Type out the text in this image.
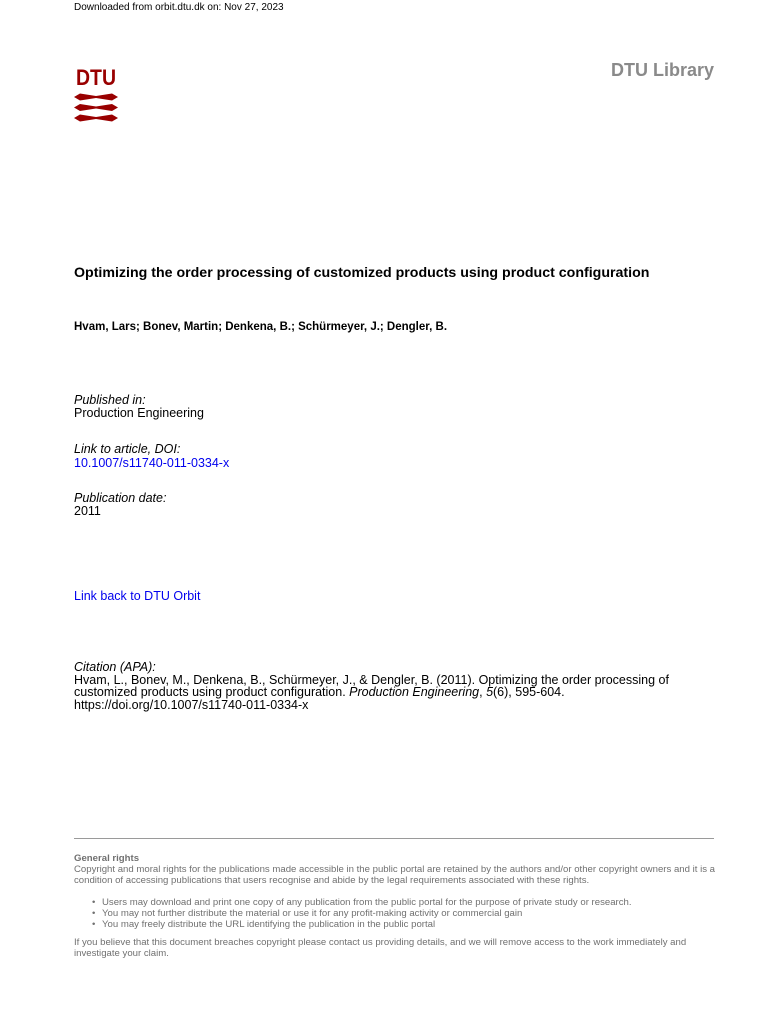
Downloaded from orbit.dtu.dk on: Nov 27, 2023
DTU	DTU Library
Optimizing the order processing of customized products using product configuration
Hvam, Lars; Bonev, Martin; Denkena, B.; Schürmeyer, J.; Dengler, B.
Published in:
Production Engineering
Link to article, DOI:
10.1007/s11740-011-0334-x
Publication date:
2011
Link back to DTU Orbit
Citation (APA):
Hvam, L., Bonev, M., Denkena, B., Schürmeyer, J., & Dengler, B. (2011). Optimizing the order processing of customized products using product configuration. Production Engineering, 5(6), 595-604.
https://doi.org/10.1007/s11740-011-0334-x
General rights
Copyright and moral rights for the publications made accessible in the public portal are retained by the authors and/or other copyright owners and it is a condition of accessing publications that users recognise and abide by the legal requirements associated with these rights.
• Users may download and print one copy of any publication from the public portal for the purpose of private study or research.
• You may not further distribute the material or use it for any profit-making activity or commercial gain
• You may freely distribute the URL identifying the publication in the public portal
If you believe that this document breaches copyright please contact us providing details, and we will remove access to the work immediately and investigate your claim.
